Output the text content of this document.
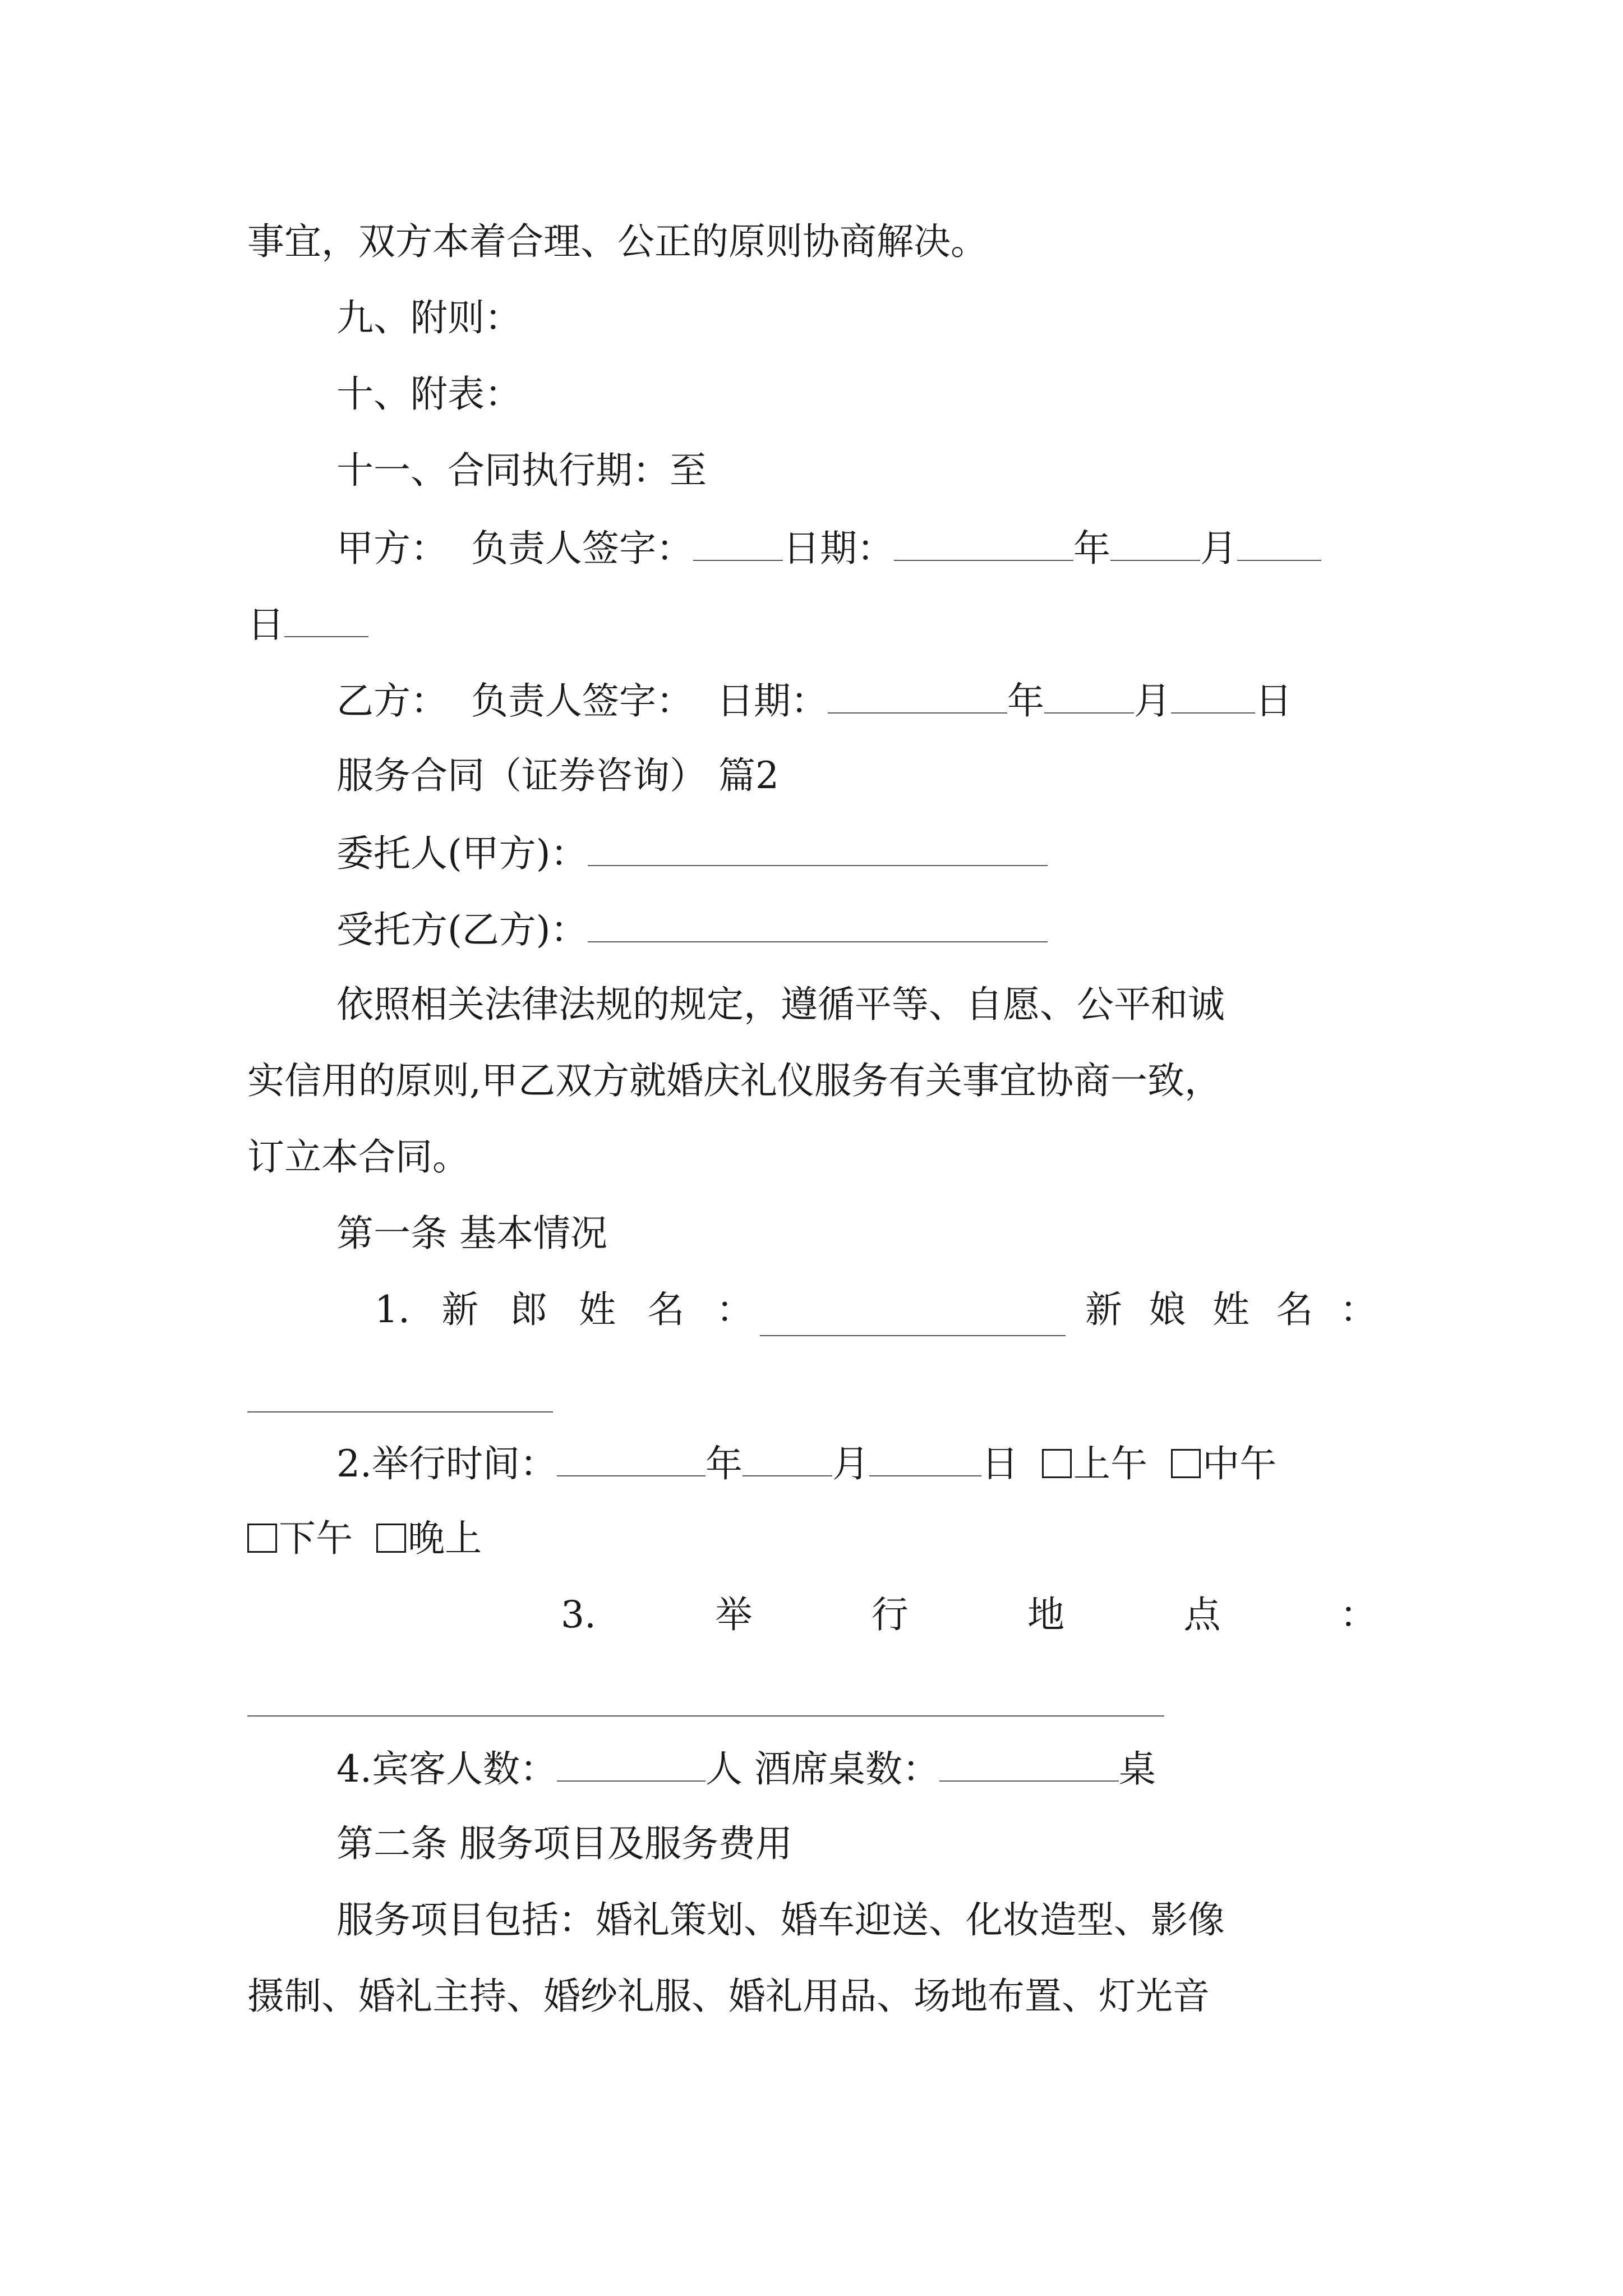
事宜，双方本着合理、公正的原则协商解决。
九、附则：
十、附表：
十一、合同执行期：至
甲方： 负责人签字： 日期：	年 月
日
乙方： 负责人签字： 日期：	年 月 日
服务合同（证券咨询） 篇2
委托人(甲方)：
受托方(乙方)：
依照相关法律法规的规定，遵循平等、自愿、公平和诚
实信用的原则,甲乙双方就婚庆礼仪服务有关事宜协商一致，
订立本合同。
第一条 基本情况
1. 新 郎 姓 名 ：	新 娘 姓 名 ：
2.举行时间：	年 月	日 上午 中午
下午 晚上
3.	举	行	地	点	：
4.宾客人数：	人 酒席桌数：	桌
第二条 服务项目及服务费用
服务项目包括：婚礼策划、婚车迎送、化妆造型、影像
摄制、婚礼主持、婚纱礼服、婚礼用品、场地布置、灯光音
